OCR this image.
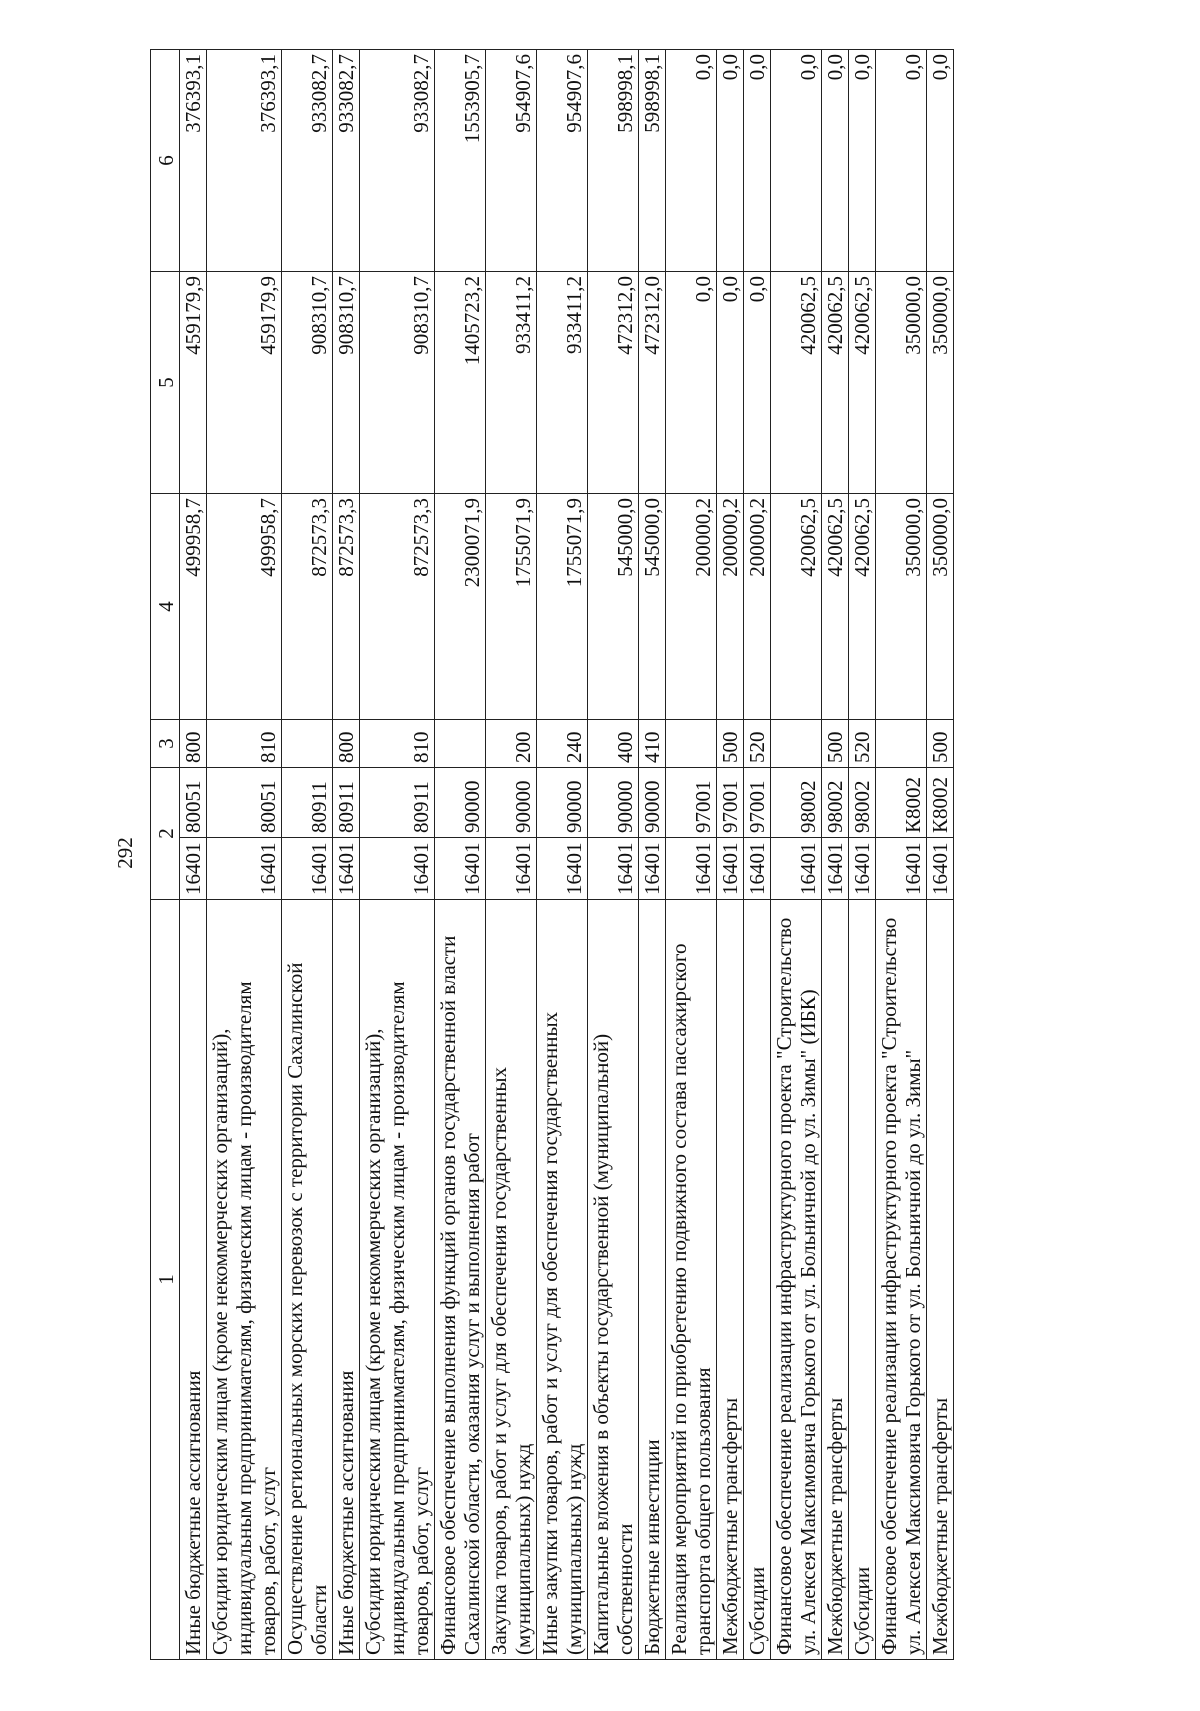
292
1	2		3	4	5	6
Иные бюджетные ассигнования	16401	80051	800	499958,7	459179,9	376393,1
Субсидии юридическим лицам (кроме некоммерческих организаций), индивидуальным предпринимателям, физическим лицам - производителям товаров, работ, услуг	16401	80051	810	499958,7	459179,9	376393,1
Осуществление региональных морских перевозок с территории Сахалинской области	16401	80911		872573,3	908310,7	933082,7
Иные бюджетные ассигнования	16401	80911	800	872573,3	908310,7	933082,7
Субсидии юридическим лицам (кроме некоммерческих организаций), индивидуальным предпринимателям, физическим лицам - производителям товаров, работ, услуг	16401	80911	810	872573,3	908310,7	933082,7
Финансовое обеспечение выполнения функций органов государственной власти Сахалинской области, оказания услуг и выполнения работ	16401	90000		2300071,9	1405723,2	1553905,7
Закупка товаров, работ и услуг для обеспечения государственных (муниципальных) нужд	16401	90000	200	1755071,9	933411,2	954907,6
Иные закупки товаров, работ и услуг для обеспечения государственных (муниципальных) нужд	16401	90000	240	1755071,9	933411,2	954907,6
Капитальные вложения в объекты государственной (муниципальной) собственности	16401	90000	400	545000,0	472312,0	598998,1
Бюджетные инвестиции	16401	90000	410	545000,0	472312,0	598998,1
Реализация мероприятий по приобретению подвижного состава пассажирского транспорта общего пользования	16401	97001		200000,2	0,0	0,0
Межбюджетные трансферты	16401	97001	500	200000,2	0,0	0,0
Субсидии	16401	97001	520	200000,2	0,0	0,0
Финансовое обеспечение реализации инфраструктурного проекта "Строительство ул. Алексея Максимовича Горького от ул. Больничной до ул. Зимы" (ИБК)	16401	98002		420062,5	420062,5	0,0
Межбюджетные трансферты	16401	98002	500	420062,5	420062,5	0,0
Субсидии	16401	98002	520	420062,5	420062,5	0,0
Финансовое обеспечение реализации инфраструктурного проекта "Строительство ул. Алексея Максимовича Горького от ул. Больничной до ул. Зимы"	16401	К8002		350000,0	350000,0	0,0
Межбюджетные трансферты	16401	К8002	500	350000,0	350000,0	0,0
